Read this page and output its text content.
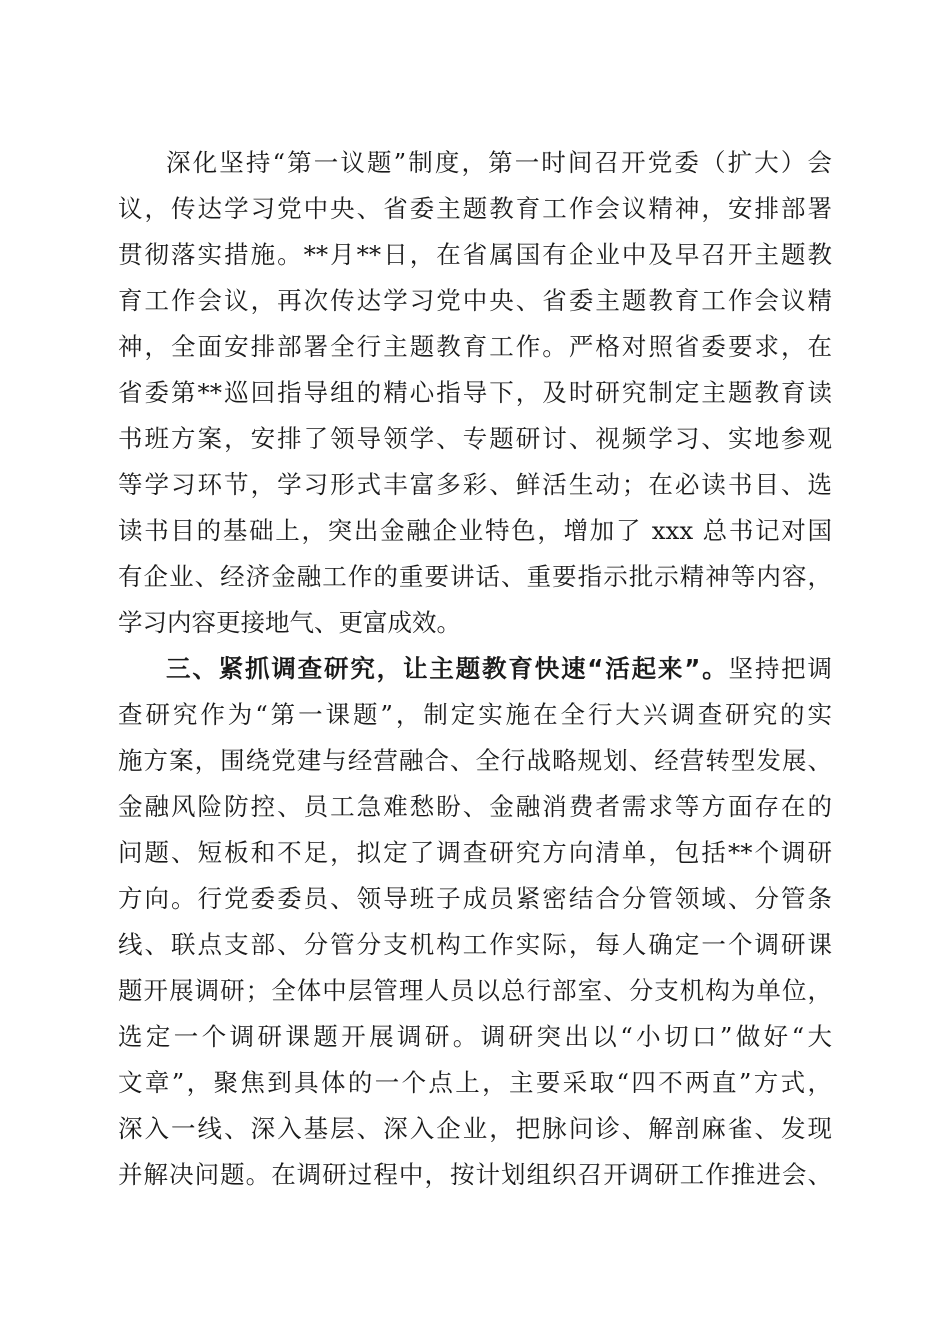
深化坚持“第一议题”制度，第一时间召开党委（扩大）会
议，传达学习党中央、省委主题教育工作会议精神，安排部署
贯彻落实措施。**月**日，在省属国有企业中及早召开主题教
育工作会议，再次传达学习党中央、省委主题教育工作会议精
神，全面安排部署全行主题教育工作。严格对照省委要求，在
省委第**巡回指导组的精心指导下，及时研究制定主题教育读
书班方案，安排了领导领学、专题研讨、视频学习、实地参观
等学习环节，学习形式丰富多彩、鲜活生动；在必读书目、选
读书目的基础上，突出金融企业特色，增加了 xxx 总书记对国
有企业、经济金融工作的重要讲话、重要指示批示精神等内容，
学习内容更接地气、更富成效。
三、紧抓调查研究，让主题教育快速“活起来”。坚持把调
查研究作为“第一课题”，制定实施在全行大兴调查研究的实
施方案，围绕党建与经营融合、全行战略规划、经营转型发展、
金融风险防控、员工急难愁盼、金融消费者需求等方面存在的
问题、短板和不足，拟定了调查研究方向清单，包括**个调研
方向。行党委委员、领导班子成员紧密结合分管领域、分管条
线、联点支部、分管分支机构工作实际，每人确定一个调研课
题开展调研；全体中层管理人员以总行部室、分支机构为单位，
选定一个调研课题开展调研。调研突出以“小切口”做好“大
文章”，聚焦到具体的一个点上，主要采取“四不两直”方式，
深入一线、深入基层、深入企业，把脉问诊、解剖麻雀、发现
并解决问题。在调研过程中，按计划组织召开调研工作推进会、
